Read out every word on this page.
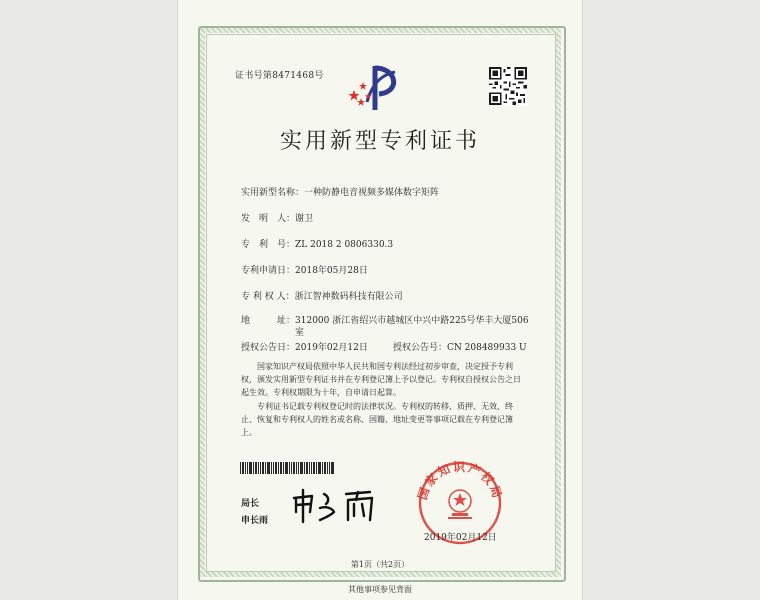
证书号第8471468号
实用新型专利证书
实用新型名称：一种防静电音视频多媒体数字矩阵
发　明　人：谢卫
专　利　号：ZL 2018 2 0806330.3
专利申请日：2018年05月28日
专 利 权 人：浙江智神数码科技有限公司
地　　　址：312000 浙江省绍兴市越城区中兴中路225号华丰大厦506
室
授权公告日：2019年02月12日	授权公告号：CN 208489933 U
国家知识产权局依照中华人民共和国专利法经过初步审查，决定授予专利权，颁发实用新型专利证书并在专利登记簿上予以登记。专利权自授权公告之日起生效。专利权期限为十年，自申请日起算。
专利证书记载专利权登记时的法律状况。专利权的转移、质押、无效、终止、恢复和专利权人的姓名或名称、国籍、地址变更等事项记载在专利登记簿上。
局长
申长雨
国家知识产权局
2019年02月12日
第1页（共2页）
其他事项参见背面
